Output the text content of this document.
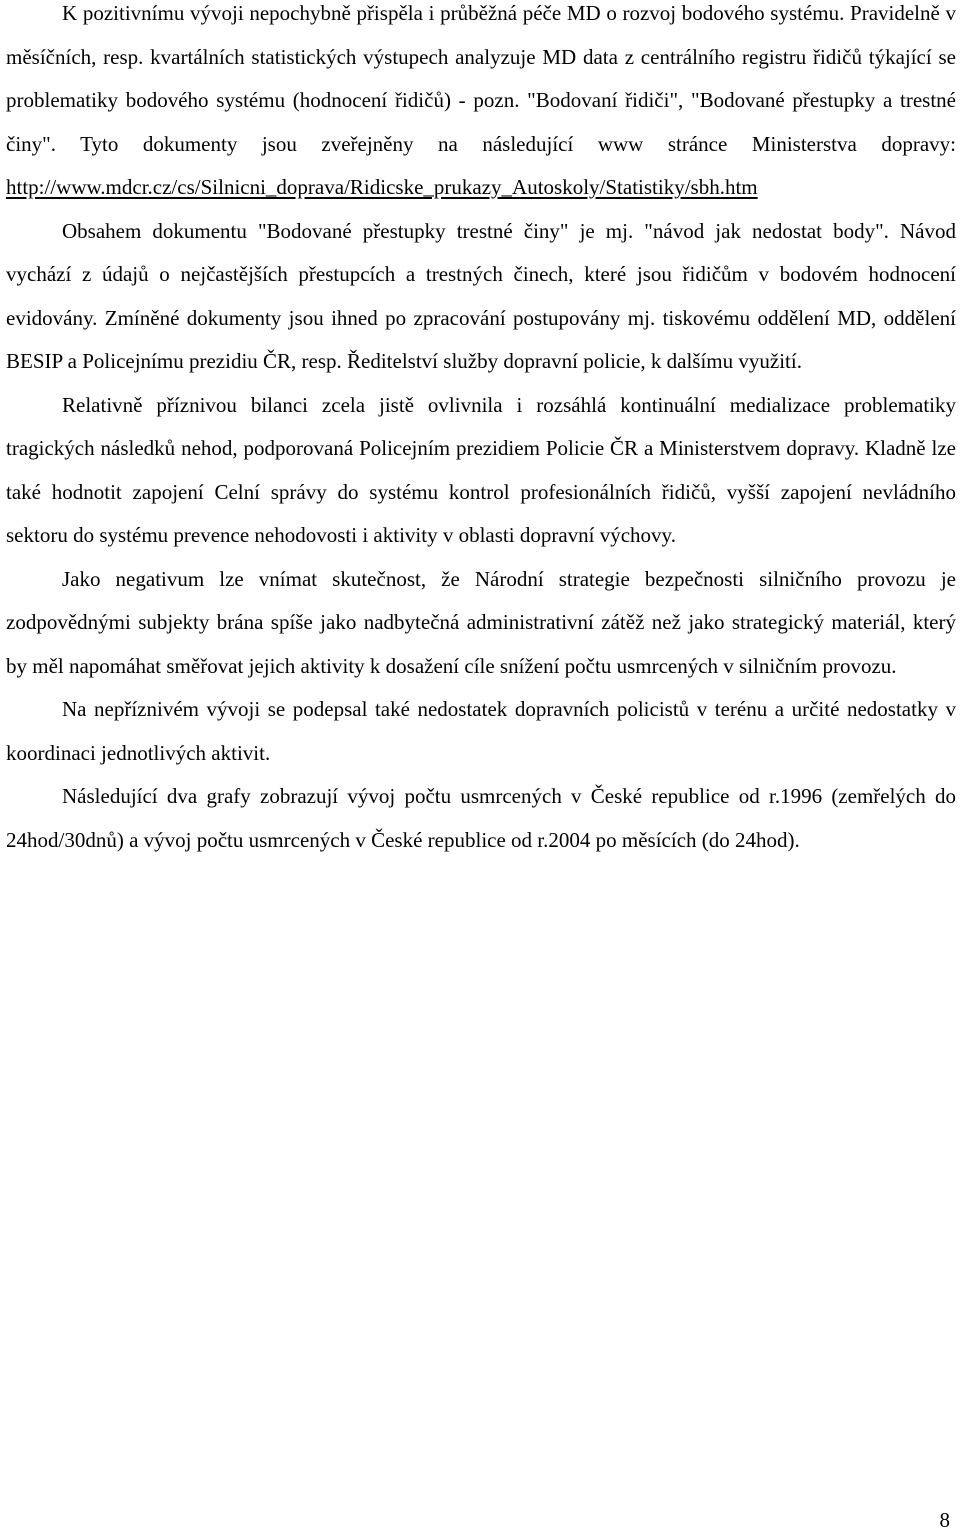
K pozitivnímu vývoji nepochybně přispěla i průběžná péče MD o rozvoj bodového systému. Pravidelně v měsíčních, resp. kvartálních statistických výstupech analyzuje MD data z centrálního registru řidičů týkající se problematiky bodového systému (hodnocení řidičů) - pozn. "Bodovaní řidiči", "Bodované přestupky a trestné činy". Tyto dokumenty jsou zveřejněny na následující www stránce Ministerstva dopravy: http://www.mdcr.cz/cs/Silnicni_doprava/Ridicske_prukazy_Autoskoly/Statistiky/sbh.htm

Obsahem dokumentu "Bodované přestupky trestné činy" je mj. "návod jak nedostat body". Návod vychází z údajů o nejčastějších přestupcích a trestných činech, které jsou řidičům v bodovém hodnocení evidovány. Zmíněné dokumenty jsou ihned po zpracování postupovány mj. tiskovému oddělení MD, oddělení BESIP a Policejnímu prezidiu ČR, resp. Ředitelství služby dopravní policie, k dalšímu využití.

Relativně příznivou bilanci zcela jistě ovlivnila i rozsáhlá kontinuální medializace problematiky tragických následků nehod, podporovaná Policejním prezidiem Policie ČR a Ministerstvem dopravy. Kladně lze také hodnotit zapojení Celní správy do systému kontrol profesionálních řidičů, vyšší zapojení nevládního sektoru do systému prevence nehodovosti i aktivity v oblasti dopravní výchovy.

Jako negativum lze vnímat skutečnost, že Národní strategie bezpečnosti silničního provozu je zodpovědnými subjekty brána spíše jako nadbytečná administrativní zátěž než jako strategický materiál, který by měl napomáhat směřovat jejich aktivity k dosažení cíle snížení počtu usmrcených v silničním provozu.

Na nepříznivém vývoji se podepsal také nedostatek dopravních policistů v terénu a určité nedostatky v koordinaci jednotlivých aktivit.

Následující dva grafy zobrazují vývoj počtu usmrcených v České republice od r.1996 (zemřelých do 24hod/30dnů) a vývoj počtu usmrcených v České republice od r.2004 po měsících (do 24hod).

8
